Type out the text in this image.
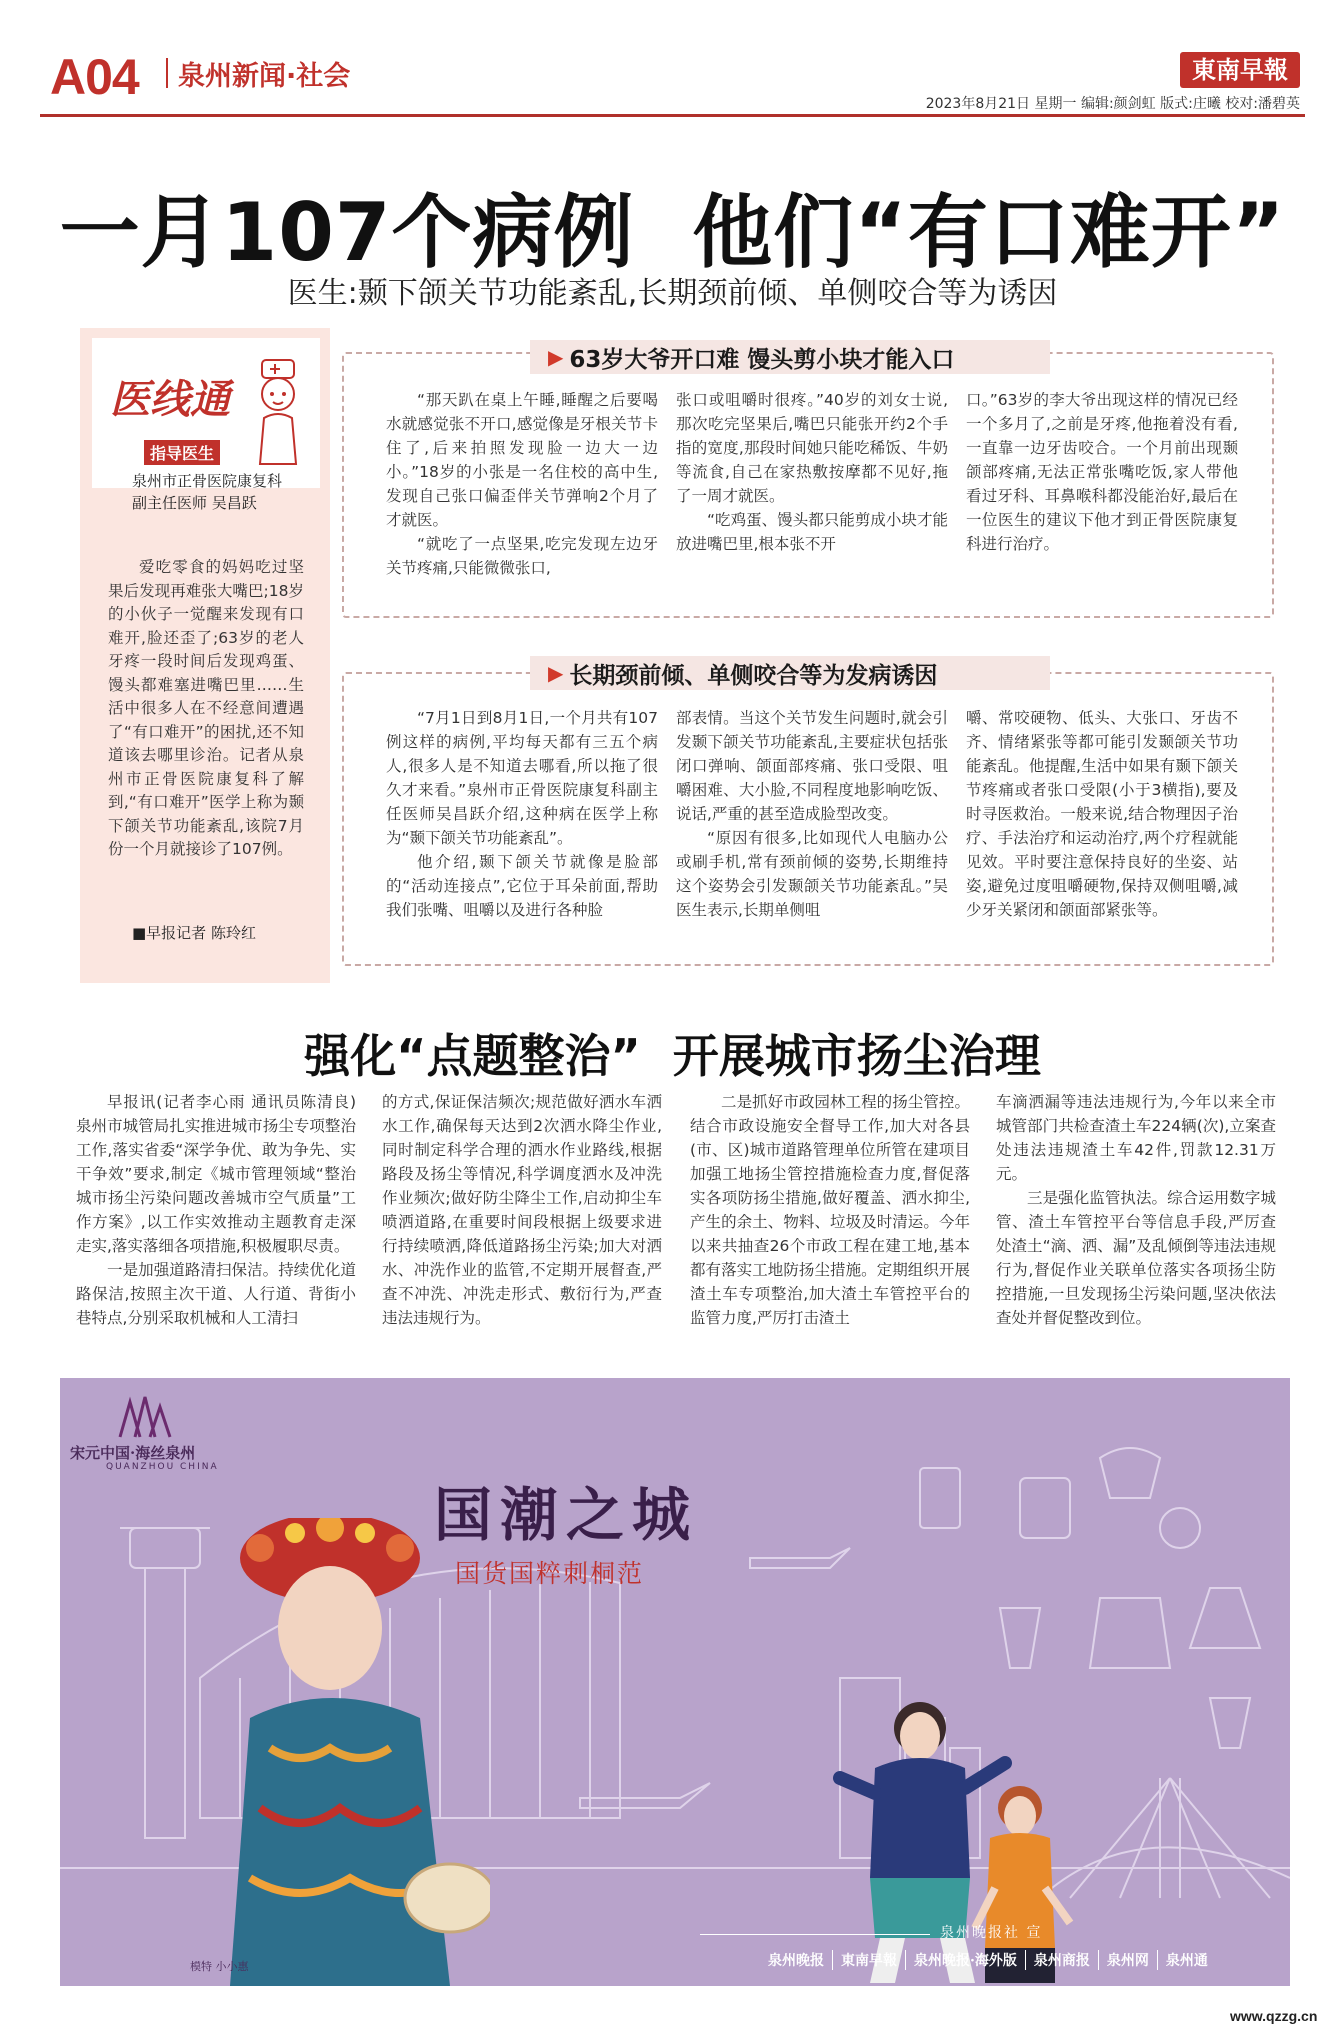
A04 泉州新闻·社会	東南早報
2023年8月21日 星期一 编辑:颜剑虹 版式:庄曦 校对:潘碧英
一月107个病例  他们“有口难开”
医生:颞下颌关节功能紊乱,长期颈前倾、单侧咬合等为诱因
医线通
指导医生
泉州市正骨医院康复科
副主任医师 吴昌跃

爱吃零食的妈妈吃过坚果后发现再难张大嘴巴;18岁的小伙子一觉醒来发现有口难开,脸还歪了;63岁的老人牙疼一段时间后发现鸡蛋、馒头都难塞进嘴巴里……生活中很多人在不经意间遭遇了“有口难开”的困扰,还不知道该去哪里诊治。记者从泉州市正骨医院康复科了解到,“有口难开”医学上称为颞下颌关节功能紊乱,该院7月份一个月就接诊了107例。

■早报记者 陈玲红
▶ 63岁大爷开口难 馒头剪小块才能入口

“那天趴在桌上午睡,睡醒之后要喝水就感觉张不开口,感觉像是牙根关节卡住了,后来拍照发现脸一边大一边小。”18岁的小张是一名住校的高中生,发现自己张口偏歪伴关节弹响2个月了才就医。

“就吃了一点坚果,吃完发现左边牙关节疼痛,只能微微张口,

张口或咀嚼时很疼。”40岁的刘女士说,那次吃完坚果后,嘴巴只能张开约2个手指的宽度,那段时间她只能吃稀饭、牛奶等流食,自己在家热敷按摩都不见好,拖了一周才就医。

“吃鸡蛋、馒头都只能剪成小块才能放进嘴巴里,根本张不开

口。”63岁的李大爷出现这样的情况已经一个多月了,之前是牙疼,他拖着没有看,一直靠一边牙齿咬合。一个月前出现颞颌部疼痛,无法正常张嘴吃饭,家人带他看过牙科、耳鼻喉科都没能治好,最后在一位医生的建议下他才到正骨医院康复科进行治疗。

▶ 长期颈前倾、单侧咬合等为发病诱因

“7月1日到8月1日,一个月共有107例这样的病例,平均每天都有三五个病人,很多人是不知道去哪看,所以拖了很久才来看。”泉州市正骨医院康复科副主任医师吴昌跃介绍,这种病在医学上称为“颞下颌关节功能紊乱”。

他介绍,颞下颌关节就像是脸部的“活动连接点”,它位于耳朵前面,帮助我们张嘴、咀嚼以及进行各种脸

部表情。当这个关节发生问题时,就会引发颞下颌关节功能紊乱,主要症状包括张闭口弹响、颌面部疼痛、张口受限、咀嚼困难、大小脸,不同程度地影响吃饭、说话,严重的甚至造成脸型改变。

“原因有很多,比如现代人电脑办公或刷手机,常有颈前倾的姿势,长期维持这个姿势会引发颞颌关节功能紊乱。”吴医生表示,长期单侧咀

嚼、常咬硬物、低头、大张口、牙齿不齐、情绪紧张等都可能引发颞颌关节功能紊乱。他提醒,生活中如果有颞下颌关节疼痛或者张口受限(小于3横指),要及时寻医救治。一般来说,结合物理因子治疗、手法治疗和运动治疗,两个疗程就能见效。平时要注意保持良好的坐姿、站姿,避免过度咀嚼硬物,保持双侧咀嚼,减少牙关紧闭和颌面部紧张等。

强化“点题整治”  开展城市扬尘治理

早报讯(记者李心雨 通讯员陈清良)泉州市城管局扎实推进城市扬尘专项整治工作,落实省委“深学争优、敢为争先、实干争效”要求,制定《城市管理领域“整治城市扬尘污染问题改善城市空气质量”工作方案》,以工作实效推动主题教育走深走实,落实落细各项措施,积极履职尽责。

一是加强道路清扫保洁。持续优化道路保洁,按照主次干道、人行道、背街小巷特点,分别采取机械和人工清扫

的方式,保证保洁频次;规范做好洒水车洒水工作,确保每天达到2次洒水降尘作业,同时制定科学合理的洒水作业路线,根据路段及扬尘等情况,科学调度洒水及冲洗作业频次;做好防尘降尘工作,启动抑尘车喷洒道路,在重要时间段根据上级要求进行持续喷洒,降低道路扬尘污染;加大对洒水、冲洗作业的监管,不定期开展督查,严查不冲洗、冲洗走形式、敷衍行为,严查违法违规行为。

二是抓好市政园林工程的扬尘管控。结合市政设施安全督导工作,加大对各县(市、区)城市道路管理单位所管在建项目加强工地扬尘管控措施检查力度,督促落实各项防扬尘措施,做好覆盖、洒水抑尘,产生的余土、物料、垃圾及时清运。今年以来共抽查26个市政工程在建工地,基本都有落实工地防扬尘措施。定期组织开展渣土车专项整治,加大渣土车管控平台的监管力度,严厉打击渣土

车滴洒漏等违法违规行为,今年以来全市城管部门共检查渣土车224辆(次),立案查处违法违规渣土车42件,罚款12.31万元。

三是强化监管执法。综合运用数字城管、渣土车管控平台等信息手段,严厉查处渣土“滴、洒、漏”及乱倾倒等违法违规行为,督促作业关联单位落实各项扬尘防控措施,一旦发现扬尘污染问题,坚决依法查处并督促整改到位。

宋元中国·海丝泉州
QUANZHOU CHINA
国潮之城
国货国粹刺桐范
模特 小小惠
泉州晚报社 宣
泉州晚报	東南早報	泉州晚报·海外版	泉州商报	泉州网	泉州通
www.qzzg.cn
